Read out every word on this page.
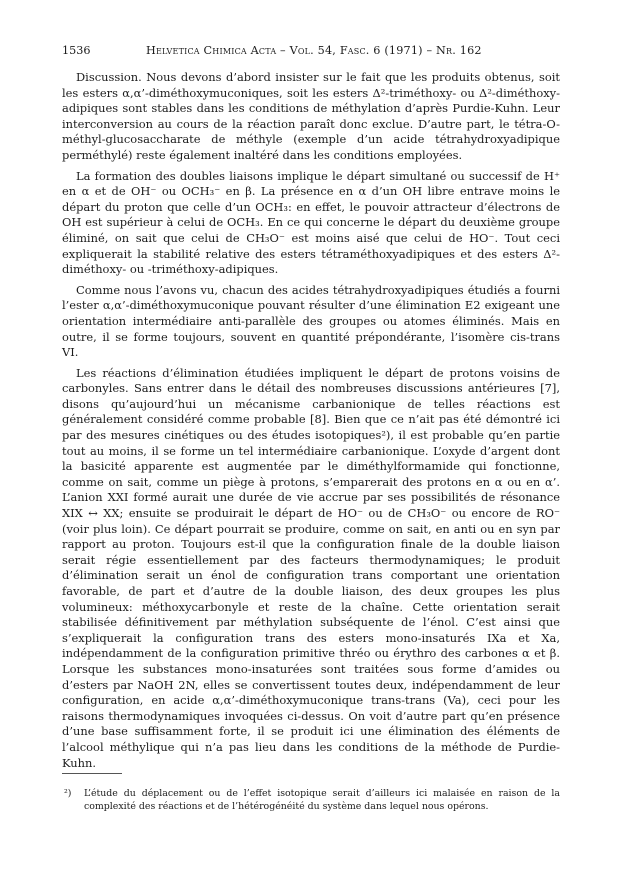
1536	Helvetica Chimica Acta – Vol. 54, Fasc. 6 (1971) – Nr. 162

Discussion. Nous devons d’abord insister sur le fait que les produits obtenus, soit les esters α,α’-diméthoxymuconiques, soit les esters Δ²-triméthoxy- ou Δ²-diméthoxy-adipiques sont stables dans les conditions de méthylation d’après Purdie-Kuhn. Leur interconversion au cours de la réaction paraît donc exclue. D’autre part, le tétra-O-méthyl-glucosaccharate de méthyle (exemple d’un acide tétrahydroxyadipique perméthylé) reste également inaltéré dans les conditions employées.

La formation des doubles liaisons implique le départ simultané ou successif de H⁺ en α et de OH⁻ ou OCH₃⁻ en β. La présence en α d’un OH libre entrave moins le départ du proton que celle d’un OCH₃: en effet, le pouvoir attracteur d’électrons de OH est supérieur à celui de OCH₃. En ce qui concerne le départ du deuxième groupe éliminé, on sait que celui de CH₃O⁻ est moins aisé que celui de HO⁻. Tout ceci expliquerait la stabilité relative des esters tétraméthoxyadipiques et des esters Δ²-diméthoxy- ou -triméthoxy-adipiques.

Comme nous l’avons vu, chacun des acides tétrahydroxyadipiques étudiés a fourni l’ester α,α’-diméthoxymuconique pouvant résulter d’une élimination E2 exigeant une orientation intermédiaire anti-parallèle des groupes ou atomes éliminés. Mais en outre, il se forme toujours, souvent en quantité prépondérante, l’isomère cis-trans VI.

Les réactions d’élimination étudiées impliquent le départ de protons voisins de carbonyles. Sans entrer dans le détail des nombreuses discussions antérieures [7], disons qu’aujourd’hui un mécanisme carbanionique de telles réactions est généralement considéré comme probable [8]. Bien que ce n’ait pas été démontré ici par des mesures cinétiques ou des études isotopiques²), il est probable qu’en partie tout au moins, il se forme un tel intermédiaire carbanionique. L’oxyde d’argent dont la basicité apparente est augmentée par le diméthylformamide qui fonctionne, comme on sait, comme un piège à protons, s’emparerait des protons en α ou en α’. L’anion XXI formé aurait une durée de vie accrue par ses possibilités de résonance XIX ↔ XX; ensuite se produirait le départ de HO⁻ ou de CH₃O⁻ ou encore de RO⁻ (voir plus loin). Ce départ pourrait se produire, comme on sait, en anti ou en syn par rapport au proton. Toujours est-il que la configuration finale de la double liaison serait régie essentiellement par des facteurs thermodynamiques; le produit d’élimination serait un énol de configuration trans comportant une orientation favorable, de part et d’autre de la double liaison, des deux groupes les plus volumineux: méthoxycarbonyle et reste de la chaîne. Cette orientation serait stabilisée définitivement par méthylation subséquente de l’énol. C’est ainsi que s’expliquerait la configuration trans des esters mono-insaturés IXa et Xa, indépendamment de la configuration primitive thréo ou érythro des carbones α et β. Lorsque les substances mono-insaturées sont traitées sous forme d’amides ou d’esters par NaOH 2N, elles se convertissent toutes deux, indépendamment de leur configuration, en acide α,α’-diméthoxymuconique trans-trans (Va), ceci pour les raisons thermodynamiques invoquées ci-dessus. On voit d’autre part qu’en présence d’une base suffisamment forte, il se produit ici une élimination des éléments de l’alcool méthylique qui n’a pas lieu dans les conditions de la méthode de Purdie-Kuhn.

²) L’étude du déplacement ou de l’effet isotopique serait d’ailleurs ici malaisée en raison de la complexité des réactions et de l’hétérogénéité du système dans lequel nous opérons.
